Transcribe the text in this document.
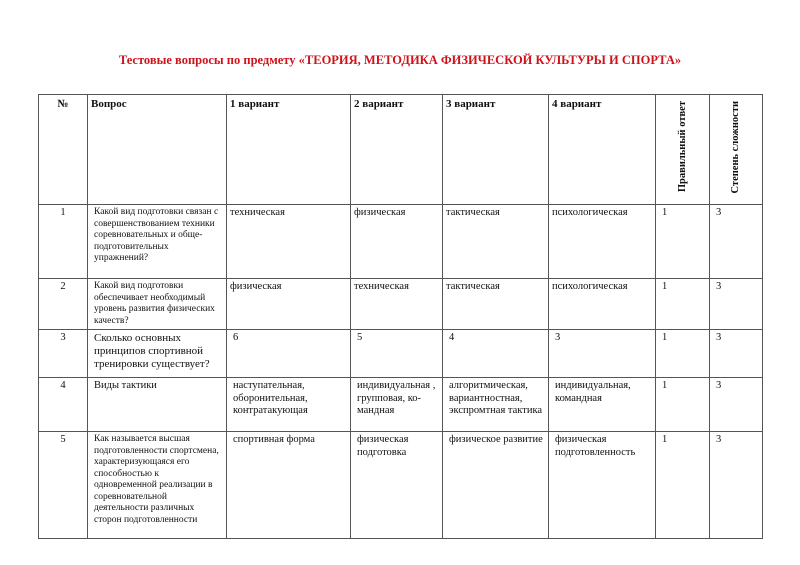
Тестовые вопросы по предмету «ТЕОРИЯ, МЕТОДИКА ФИЗИЧЕСКОЙ КУЛЬТУРЫ И СПОРТА»
№	Вопрос	1 вариант	2 вариант	3 вариант	4 вариант	Правильный ответ	Степень сложности

1	Какой вид подготовки связан с совершенствованием техники соревновательных и обще-подготовительных упражнений?	техническая	физическая	тактическая	психологическая	1	3
2	Какой вид подготовки обеспечивает необходимый уровень развития физических качеств?	физическая	техническая	тактическая	психологическая	1	3
3	Сколько основных принципов спортивной тренировки существует?	6	5	4	3	1	3
4	Виды тактики	наступательная, оборонительная, контратакующая	индивидуальная , групповая, ко-мандная	алгоритмическая, вариантностная, экспромтная тактика	индивидуальная, командная	1	3
5	Как называется высшая подготовленности спортсмена, характеризующаяся его способностью к одновременной реализации в соревновательной деятельности различных сторон подготовленности	спортивная форма	физическая подготовка	физическое развитие	физическая подготовленность	1	3
